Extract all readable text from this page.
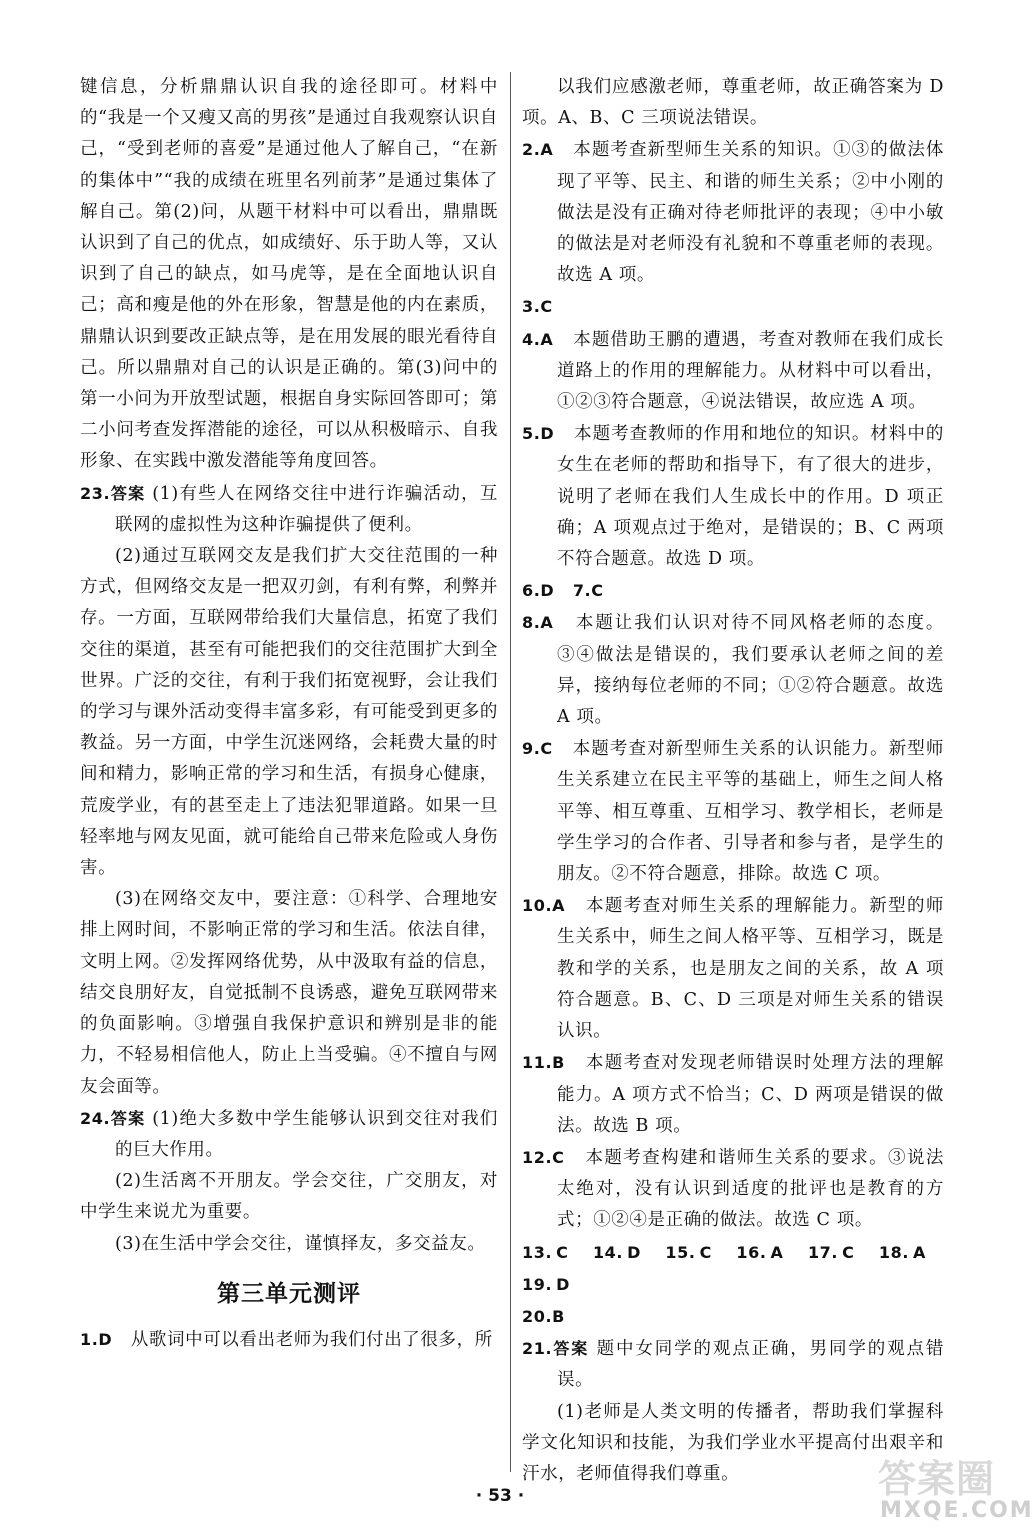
键信息，分析鼎鼎认识自我的途径即可。材料中的“我是一个又瘦又高的男孩”是通过自我观察认识自己，“受到老师的喜爱”是通过他人了解自己，“在新的集体中”“我的成绩在班里名列前茅”是通过集体了解自己。第(2)问，从题干材料中可以看出，鼎鼎既认识到了自己的优点，如成绩好、乐于助人等，又认识到了自己的缺点，如马虎等，是在全面地认识自己；高和瘦是他的外在形象，智慧是他的内在素质，鼎鼎认识到要改正缺点等，是在用发展的眼光看待自己。所以鼎鼎对自己的认识是正确的。第(3)问中的第一小问为开放型试题，根据自身实际回答即可；第二小问考查发挥潜能的途径，可以从积极暗示、自我形象、在实践中激发潜能等角度回答。

23.答案 (1)有些人在网络交往中进行诈骗活动，互联网的虚拟性为这种诈骗提供了便利。

(2)通过互联网交友是我们扩大交往范围的一种方式，但网络交友是一把双刃剑，有利有弊，利弊并存。一方面，互联网带给我们大量信息，拓宽了我们交往的渠道，甚至有可能把我们的交往范围扩大到全世界。广泛的交往，有利于我们拓宽视野，会让我们的学习与课外活动变得丰富多彩，有可能受到更多的教益。另一方面，中学生沉迷网络，会耗费大量的时间和精力，影响正常的学习和生活，有损身心健康，荒废学业，有的甚至走上了违法犯罪道路。如果一旦轻率地与网友见面，就可能给自己带来危险或人身伤害。

(3)在网络交友中，要注意：①科学、合理地安排上网时间，不影响正常的学习和生活。依法自律，文明上网。②发挥网络优势，从中汲取有益的信息，结交良朋好友，自觉抵制不良诱惑，避免互联网带来的负面影响。③增强自我保护意识和辨别是非的能力，不轻易相信他人，防止上当受骗。④不擅自与网友会面等。

24.答案 (1)绝大多数中学生能够认识到交往对我们的巨大作用。

(2)生活离不开朋友。学会交往，广交朋友，对中学生来说尤为重要。

(3)在生活中学会交往，谨慎择友，多交益友。

第三单元测评

1.D 从歌词中可以看出老师为我们付出了很多，所

以我们应感激老师，尊重老师，故正确答案为 D 项。A、B、C 三项说法错误。

2.A 本题考查新型师生关系的知识。①③的做法体现了平等、民主、和谐的师生关系；②中小刚的做法是没有正确对待老师批评的表现；④中小敏的做法是对老师没有礼貌和不尊重老师的表现。故选 A 项。

3.C

4.A 本题借助王鹏的遭遇，考查对教师在我们成长道路上的作用的理解能力。从材料中可以看出，①②③符合题意，④说法错误，故应选 A 项。

5.D 本题考查教师的作用和地位的知识。材料中的女生在老师的帮助和指导下，有了很大的进步，说明了老师在我们人生成长中的作用。D 项正确；A 项观点过于绝对，是错误的；B、C 两项不符合题意。故选 D 项。

6.D 7.C

8.A 本题让我们认识对待不同风格老师的态度。③④做法是错误的，我们要承认老师之间的差异，接纳每位老师的不同；①②符合题意。故选 A 项。

9.C 本题考查对新型师生关系的认识能力。新型师生关系建立在民主平等的基础上，师生之间人格平等、相互尊重、互相学习、教学相长，老师是学生学习的合作者、引导者和参与者，是学生的朋友。②不符合题意，排除。故选 C 项。

10.A 本题考查对师生关系的理解能力。新型的师生关系中，师生之间人格平等、互相学习，既是教和学的关系，也是朋友之间的关系，故 A 项符合题意。B、C、D 三项是对师生关系的错误认识。

11.B 本题考查对发现老师错误时处理方法的理解能力。A 项方式不恰当；C、D 两项是错误的做法。故选 B 项。

12.C 本题考查构建和谐师生关系的要求。③说法太绝对，没有认识到适度的批评也是教育的方式；①②④是正确的做法。故选 C 项。

13. C 14. D 15. C 16. A 17. C 18. A 19. D

20.B

21.答案 题中女同学的观点正确，男同学的观点错误。

(1)老师是人类文明的传播者，帮助我们掌握科学文化知识和技能，为我们学业水平提高付出艰辛和汗水，老师值得我们尊重。

· 53 ·	答案圈
MXQE.COM
